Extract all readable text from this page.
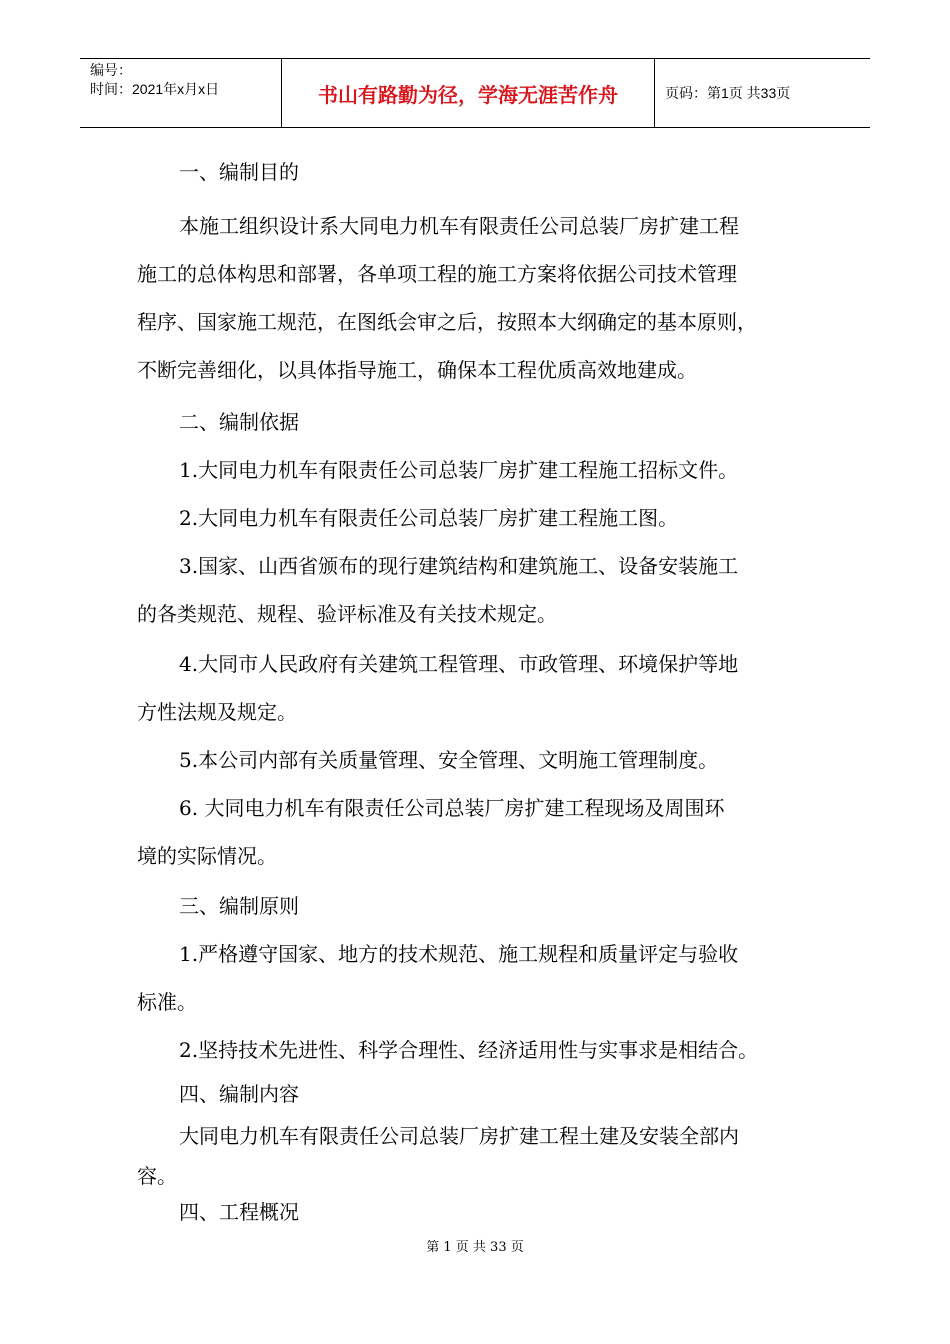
编号：
时间：2021年x月x日	书山有路勤为径，学海无涯苦作舟	页码：第1页 共33页

一、编制目的

本施工组织设计系大同电力机车有限责任公司总装厂房扩建工程

施工的总体构思和部署，各单项工程的施工方案将依据公司技术管理

程序、国家施工规范，在图纸会审之后，按照本大纲确定的基本原则，

不断完善细化，以具体指导施工，确保本工程优质高效地建成。

二、编制依据

1.大同电力机车有限责任公司总装厂房扩建工程施工招标文件。

2.大同电力机车有限责任公司总装厂房扩建工程施工图。

3.国家、山西省颁布的现行建筑结构和建筑施工、设备安装施工

的各类规范、规程、验评标准及有关技术规定。

4.大同市人民政府有关建筑工程管理、市政管理、环境保护等地

方性法规及规定。

5.本公司内部有关质量管理、安全管理、文明施工管理制度。

6. 大同电力机车有限责任公司总装厂房扩建工程现场及周围环

境的实际情况。

三、编制原则

1.严格遵守国家、地方的技术规范、施工规程和质量评定与验收

标准。

2.坚持技术先进性、科学合理性、经济适用性与实事求是相结合。

四、编制内容

大同电力机车有限责任公司总装厂房扩建工程土建及安装全部内

容。

四、工程概况

第 1 页 共 33 页
